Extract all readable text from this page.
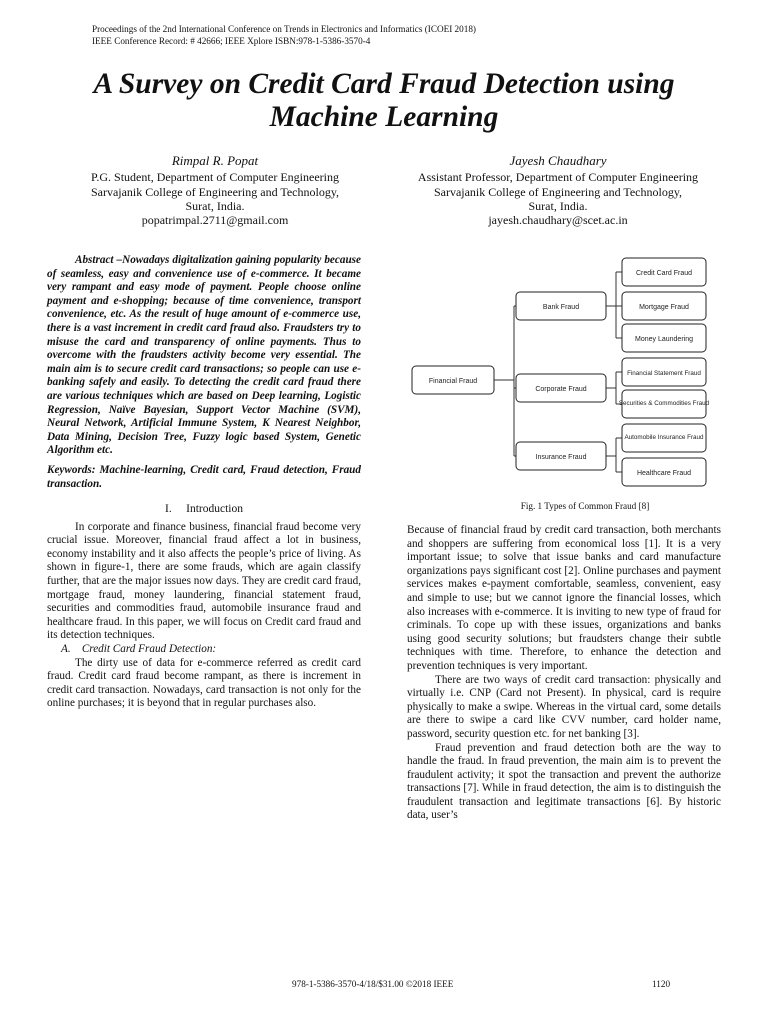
Proceedings of the 2nd International Conference on Trends in Electronics and Informatics (ICOEI 2018)
IEEE Conference Record: # 42666; IEEE Xplore ISBN:978-1-5386-3570-4
A Survey on Credit Card Fraud Detection using Machine Learning
Rimpal R. Popat
P.G. Student, Department of Computer Engineering
Sarvajanik College of Engineering and Technology,
Surat, India.
popatrimpal.2711@gmail.com
Jayesh Chaudhary
Assistant Professor, Department of Computer Engineering
Sarvajanik College of Engineering and Technology,
Surat, India.
jayesh.chaudhary@scet.ac.in

Abstract –Nowadays digitalization gaining popularity because of seamless, easy and convenience use of e-commerce. It became very rampant and easy mode of payment. People choose online payment and e-shopping; because of time convenience, transport convenience, etc. As the result of huge amount of e-commerce use, there is a vast increment in credit card fraud also. Fraudsters try to misuse the card and transparency of online payments. Thus to overcome with the fraudsters activity become very essential. The main aim is to secure credit card transactions; so people can use e-banking safely and easily. To detecting the credit card fraud there are various techniques which are based on Deep learning, Logistic Regression, Naïve Bayesian, Support Vector Machine (SVM), Neural Network, Artificial Immune System, K Nearest Neighbor, Data Mining, Decision Tree, Fuzzy logic based System, Genetic Algorithm etc.

Keywords: Machine-learning, Credit card, Fraud detection, Fraud transaction.

I. Introduction

In corporate and finance business, financial fraud become very crucial issue. Moreover, financial fraud affect a lot in business, economy instability and it also affects the people’s price of living. As shown in figure-1, there are some frauds, which are again classify further, that are the major issues now days. They are credit card fraud, mortgage fraud, money laundering, financial statement fraud, securities and commodities fraud, automobile insurance fraud and healthcare fraud. In this paper, we will focus on Credit card fraud and its detection techniques.

A.    Credit Card Fraud Detection:

The dirty use of data for e-commerce referred as credit card fraud. Credit card fraud become rampant, as there is increment in credit card transaction. Nowadays, card transaction is not only for the online purchases; it is beyond that in regular purchases also.

Financial Fraud
Bank Fraud
Corporate Fraud
Insurance Fraud
Credit Card Fraud
Mortgage Fraud
Money Laundering
Financial Statement Fraud
Securities & Commodities Fraud
Automobile Insurance Fraud
Healthcare Fraud
Fig. 1 Types of Common Fraud [8]

Because of financial fraud by credit card transaction, both merchants and shoppers are suffering from economical loss [1]. It is a very important issue; to solve that issue banks and card manufacture organizations pays significant cost [2]. Online purchases and payment services makes e-payment comfortable, seamless, convenient, easy and simple to use; but we cannot ignore the financial losses, which also increases with e-commerce. It is inviting to new type of fraud for criminals. To cope up with these issues, organizations and banks using good security solutions; but fraudsters change their subtle techniques with time. Therefore, to enhance the detection and prevention techniques is very important.

There are two ways of credit card transaction: physically and virtually i.e. CNP (Card not Present). In physical, card is require physically to make a swipe. Whereas in the virtual card, some details are there to swipe a card like CVV number, card holder name, password, security question etc. for net banking [3].

Fraud prevention and fraud detection both are the way to handle the fraud. In fraud prevention, the main aim is to prevent the fraudulent activity; it spot the transaction and prevent the authorize transactions [7]. While in fraud detection, the aim is to distinguish the fraudulent transaction and legitimate transactions [6]. By historic data, user’s

978-1-5386-3570-4/18/$31.00 ©2018 IEEE	1120
